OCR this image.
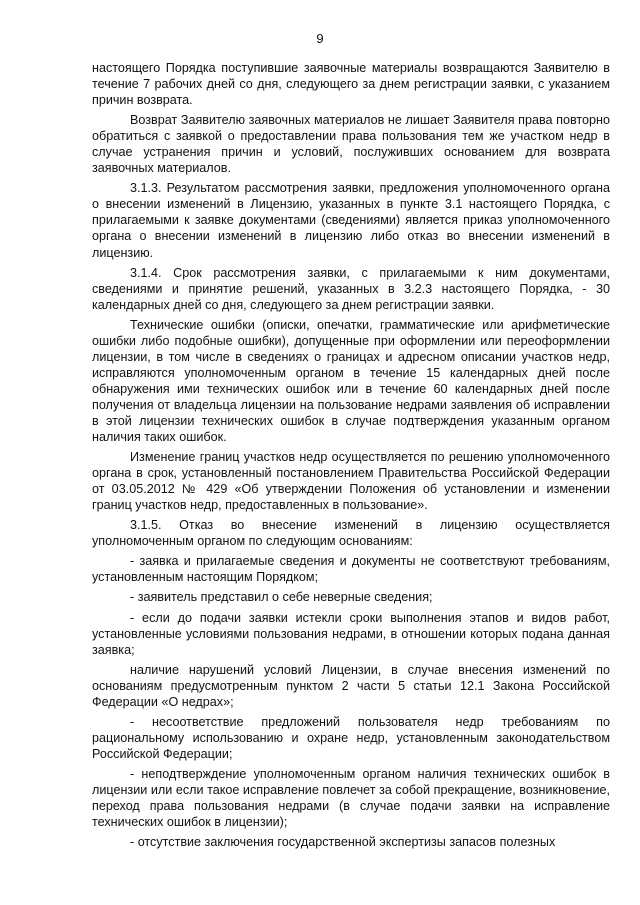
9

настоящего Порядка поступившие заявочные материалы возвращаются Заявителю в течение 7 рабочих дней со дня, следующего за днем регистрации заявки, с указанием причин возврата.

Возврат Заявителю заявочных материалов не лишает Заявителя права повторно обратиться с заявкой о предоставлении права пользования тем же участком недр в случае устранения причин и условий, послуживших основанием для возврата заявочных материалов.

3.1.3. Результатом рассмотрения заявки, предложения уполномоченного органа о внесении изменений в Лицензию, указанных в пункте 3.1 настоящего Порядка, с прилагаемыми к заявке документами (сведениями) является приказ уполномоченного органа о внесении изменений в лицензию либо отказ во внесении изменений в лицензию.

3.1.4. Срок рассмотрения заявки, с прилагаемыми к ним документами, сведениями и принятие решений, указанных в 3.2.3 настоящего Порядка, - 30 календарных дней со дня, следующего за днем регистрации заявки.

Технические ошибки (описки, опечатки, грамматические или арифметические ошибки либо подобные ошибки), допущенные при оформлении или переоформлении лицензии, в том числе в сведениях о границах и адресном описании участков недр, исправляются уполномоченным органом в течение 15 календарных дней после обнаружения ими технических ошибок или в течение 60 календарных дней после получения от владельца лицензии на пользование недрами заявления об исправлении в этой лицензии технических ошибок в случае подтверждения указанным органом наличия таких ошибок.

Изменение границ участков недр осуществляется по решению уполномоченного органа в срок, установленный постановлением Правительства Российской Федерации от 03.05.2012 № 429 «Об утверждении Положения об установлении и изменении границ участков недр, предоставленных в пользование».

3.1.5. Отказ во внесение изменений в лицензию осуществляется уполномоченным органом по следующим основаниям:

- заявка и прилагаемые сведения и документы не соответствуют требованиям, установленным настоящим Порядком;

- заявитель представил о себе неверные сведения;

- если до подачи заявки истекли сроки выполнения этапов и видов работ, установленные условиями пользования недрами, в отношении которых подана данная заявка;

наличие нарушений условий Лицензии, в случае внесения изменений по основаниям предусмотренным пунктом 2 части 5 статьи 12.1 Закона Российской Федерации «О недрах»;

- несоответствие предложений пользователя недр требованиям по рациональному использованию и охране недр, установленным законодательством Российской Федерации;

- неподтверждение уполномоченным органом наличия технических ошибок в лицензии или если такое исправление повлечет за собой прекращение, возникновение, переход права пользования недрами (в случае подачи заявки на исправление технических ошибок в лицензии);

- отсутствие заключения государственной экспертизы запасов полезных
